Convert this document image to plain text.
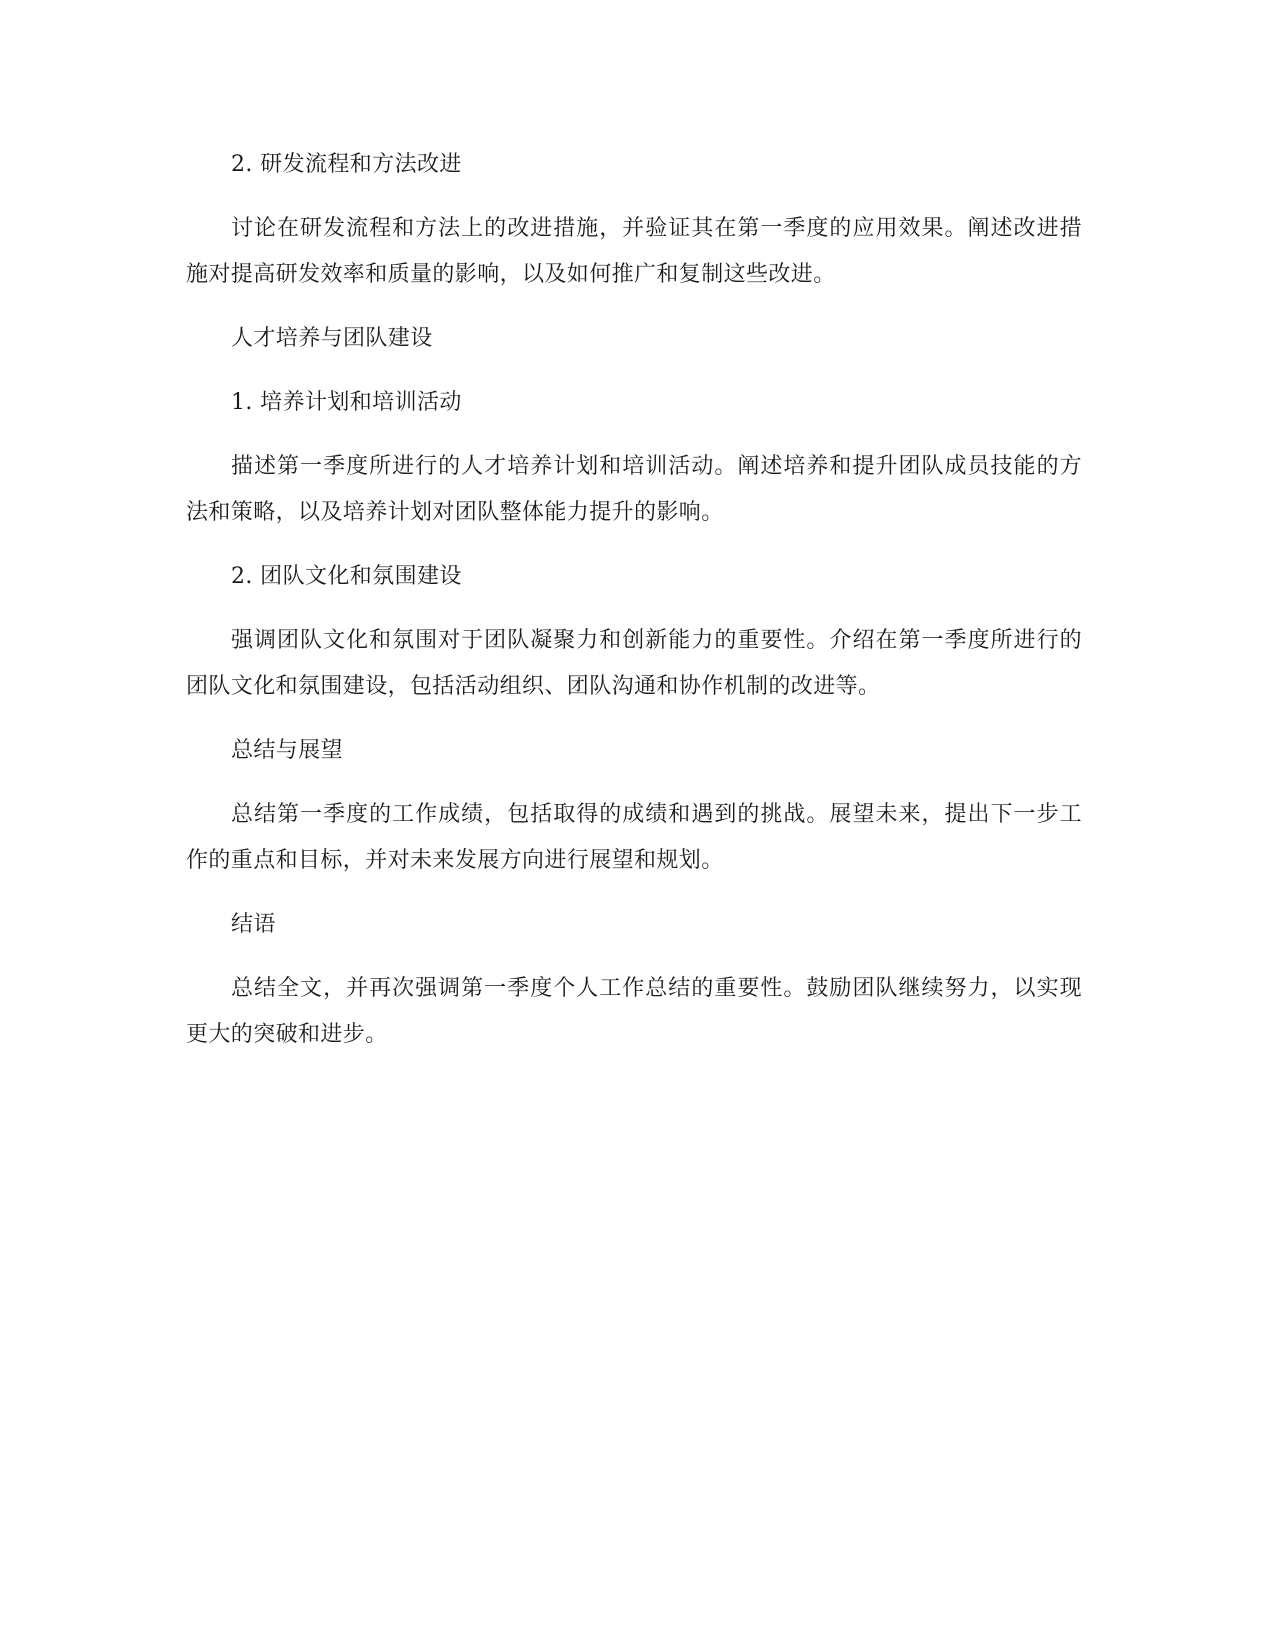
2. 研发流程和方法改进

讨论在研发流程和方法上的改进措施，并验证其在第一季度的应用效果。阐述改进措施对提高研发效率和质量的影响，以及如何推广和复制这些改进。

人才培养与团队建设

1. 培养计划和培训活动

描述第一季度所进行的人才培养计划和培训活动。阐述培养和提升团队成员技能的方法和策略，以及培养计划对团队整体能力提升的影响。

2. 团队文化和氛围建设

强调团队文化和氛围对于团队凝聚力和创新能力的重要性。介绍在第一季度所进行的团队文化和氛围建设，包括活动组织、团队沟通和协作机制的改进等。

总结与展望

总结第一季度的工作成绩，包括取得的成绩和遇到的挑战。展望未来，提出下一步工作的重点和目标，并对未来发展方向进行展望和规划。

结语

总结全文，并再次强调第一季度个人工作总结的重要性。鼓励团队继续努力，以实现更大的突破和进步。
